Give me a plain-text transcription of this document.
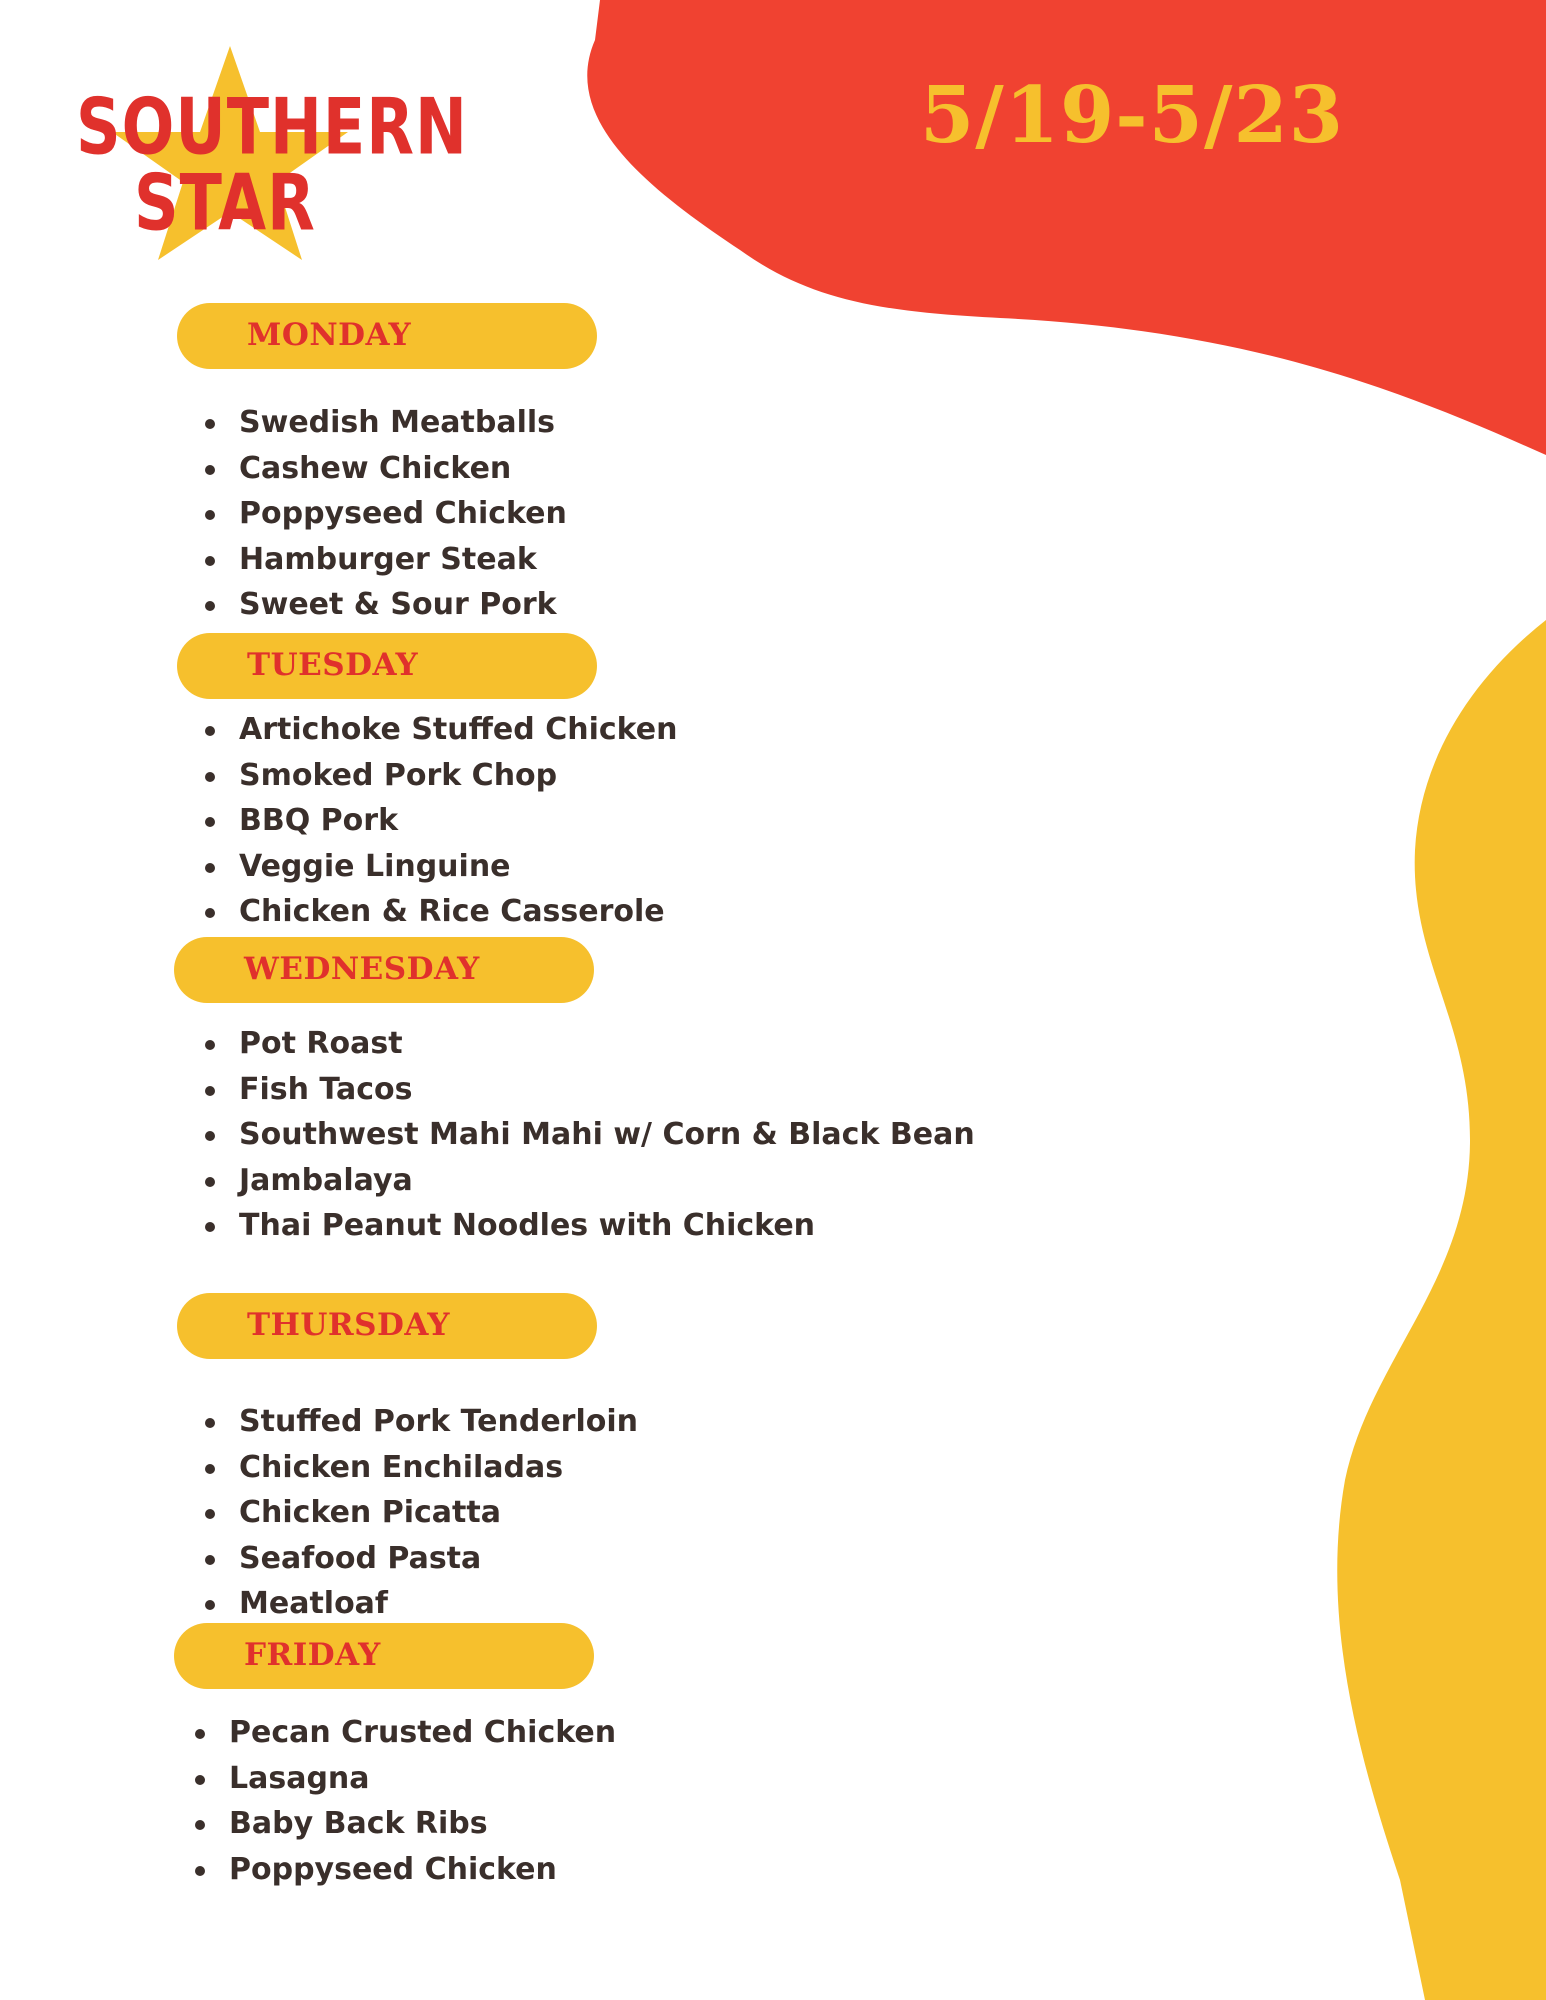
SOUTHERN
STAR
5/19-5/23
MONDAY
Swedish Meatballs
Cashew Chicken
Poppyseed Chicken
Hamburger Steak
Sweet & Sour Pork
TUESDAY
Artichoke Stuffed Chicken
Smoked Pork Chop
BBQ Pork
Veggie Linguine
Chicken & Rice Casserole
WEDNESDAY
Pot Roast
Fish Tacos
Southwest Mahi Mahi w/ Corn & Black Bean
Jambalaya
Thai Peanut Noodles with Chicken
THURSDAY
Stuffed Pork Tenderloin
Chicken Enchiladas
Chicken Picatta
Seafood Pasta
Meatloaf
FRIDAY
Pecan Crusted Chicken
Lasagna
Baby Back Ribs
Poppyseed Chicken
